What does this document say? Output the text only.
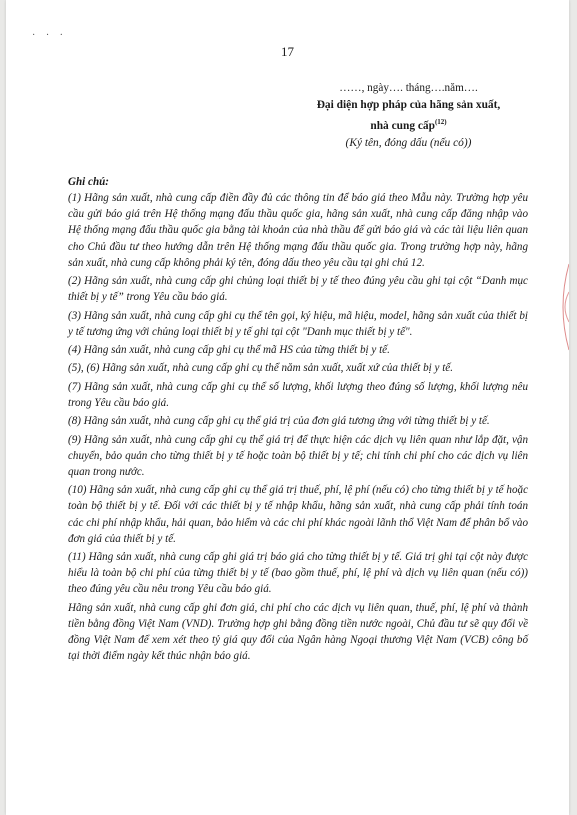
· · ·
17
……, ngày…. tháng….năm….
Đại diện hợp pháp của hãng sản xuất,
nhà cung cấp$^{(12)}$
(Ký tên, đóng dấu (nếu có))

Ghi chú:

(1) Hãng sản xuất, nhà cung cấp điền đầy đủ các thông tin để báo giá theo Mẫu này. Trường hợp yêu cầu gửi báo giá trên Hệ thống mạng đấu thầu quốc gia, hãng sản xuất, nhà cung cấp đăng nhập vào Hệ thống mạng đấu thầu quốc gia bằng tài khoản của nhà thầu để gửi báo giá và các tài liệu liên quan cho Chủ đầu tư theo hướng dẫn trên Hệ thống mạng đấu thầu quốc gia. Trong trường hợp này, hãng sản xuất, nhà cung cấp không phải ký tên, đóng dấu theo yêu cầu tại ghi chú 12.

(2) Hãng sản xuất, nhà cung cấp ghi chủng loại thiết bị y tế theo đúng yêu cầu ghi tại cột “Danh mục thiết bị y tế” trong Yêu cầu báo giá.

(3) Hãng sản xuất, nhà cung cấp ghi cụ thể tên gọi, ký hiệu, mã hiệu, model, hãng sản xuất của thiết bị y tế tương ứng với chủng loại thiết bị y tế ghi tại cột "Danh mục thiết bị y tế".

(4) Hãng sản xuất, nhà cung cấp ghi cụ thể mã HS của từng thiết bị y tế.

(5), (6) Hãng sản xuất, nhà cung cấp ghi cụ thể năm sản xuất, xuất xứ của thiết bị y tế.

(7) Hãng sản xuất, nhà cung cấp ghi cụ thể số lượng, khối lượng theo đúng số lượng, khối lượng nêu trong Yêu cầu báo giá.

(8) Hãng sản xuất, nhà cung cấp ghi cụ thể giá trị của đơn giá tương ứng với từng thiết bị y tế.

(9) Hãng sản xuất, nhà cung cấp ghi cụ thể giá trị để thực hiện các dịch vụ liên quan như lắp đặt, vận chuyển, bảo quản cho từng thiết bị y tế hoặc toàn bộ thiết bị y tế; chi tính chi phí cho các dịch vụ liên quan trong nước.

(10) Hãng sản xuất, nhà cung cấp ghi cụ thể giá trị thuế, phí, lệ phí (nếu có) cho từng thiết bị y tế hoặc toàn bộ thiết bị y tế. Đối với các thiết bị y tế nhập khẩu, hãng sản xuất, nhà cung cấp phải tính toán các chi phí nhập khẩu, hải quan, bảo hiểm và các chi phí khác ngoài lãnh thổ Việt Nam để phân bổ vào đơn giá của thiết bị y tế.

(11) Hãng sản xuất, nhà cung cấp ghi giá trị báo giá cho từng thiết bị y tế. Giá trị ghi tại cột này được hiểu là toàn bộ chi phí của từng thiết bị y tế (bao gồm thuế, phí, lệ phí và dịch vụ liên quan (nếu có)) theo đúng yêu cầu nêu trong Yêu cầu báo giá.

Hãng sản xuất, nhà cung cấp ghi đơn giá, chi phí cho các dịch vụ liên quan, thuế, phí, lệ phí và thành tiền bằng đồng Việt Nam (VND). Trường hợp ghi bằng đồng tiền nước ngoài, Chủ đầu tư sẽ quy đổi về đồng Việt Nam để xem xét theo tỷ giá quy đổi của Ngân hàng Ngoại thương Việt Nam (VCB) công bố tại thời điểm ngày kết thúc nhận báo giá.
